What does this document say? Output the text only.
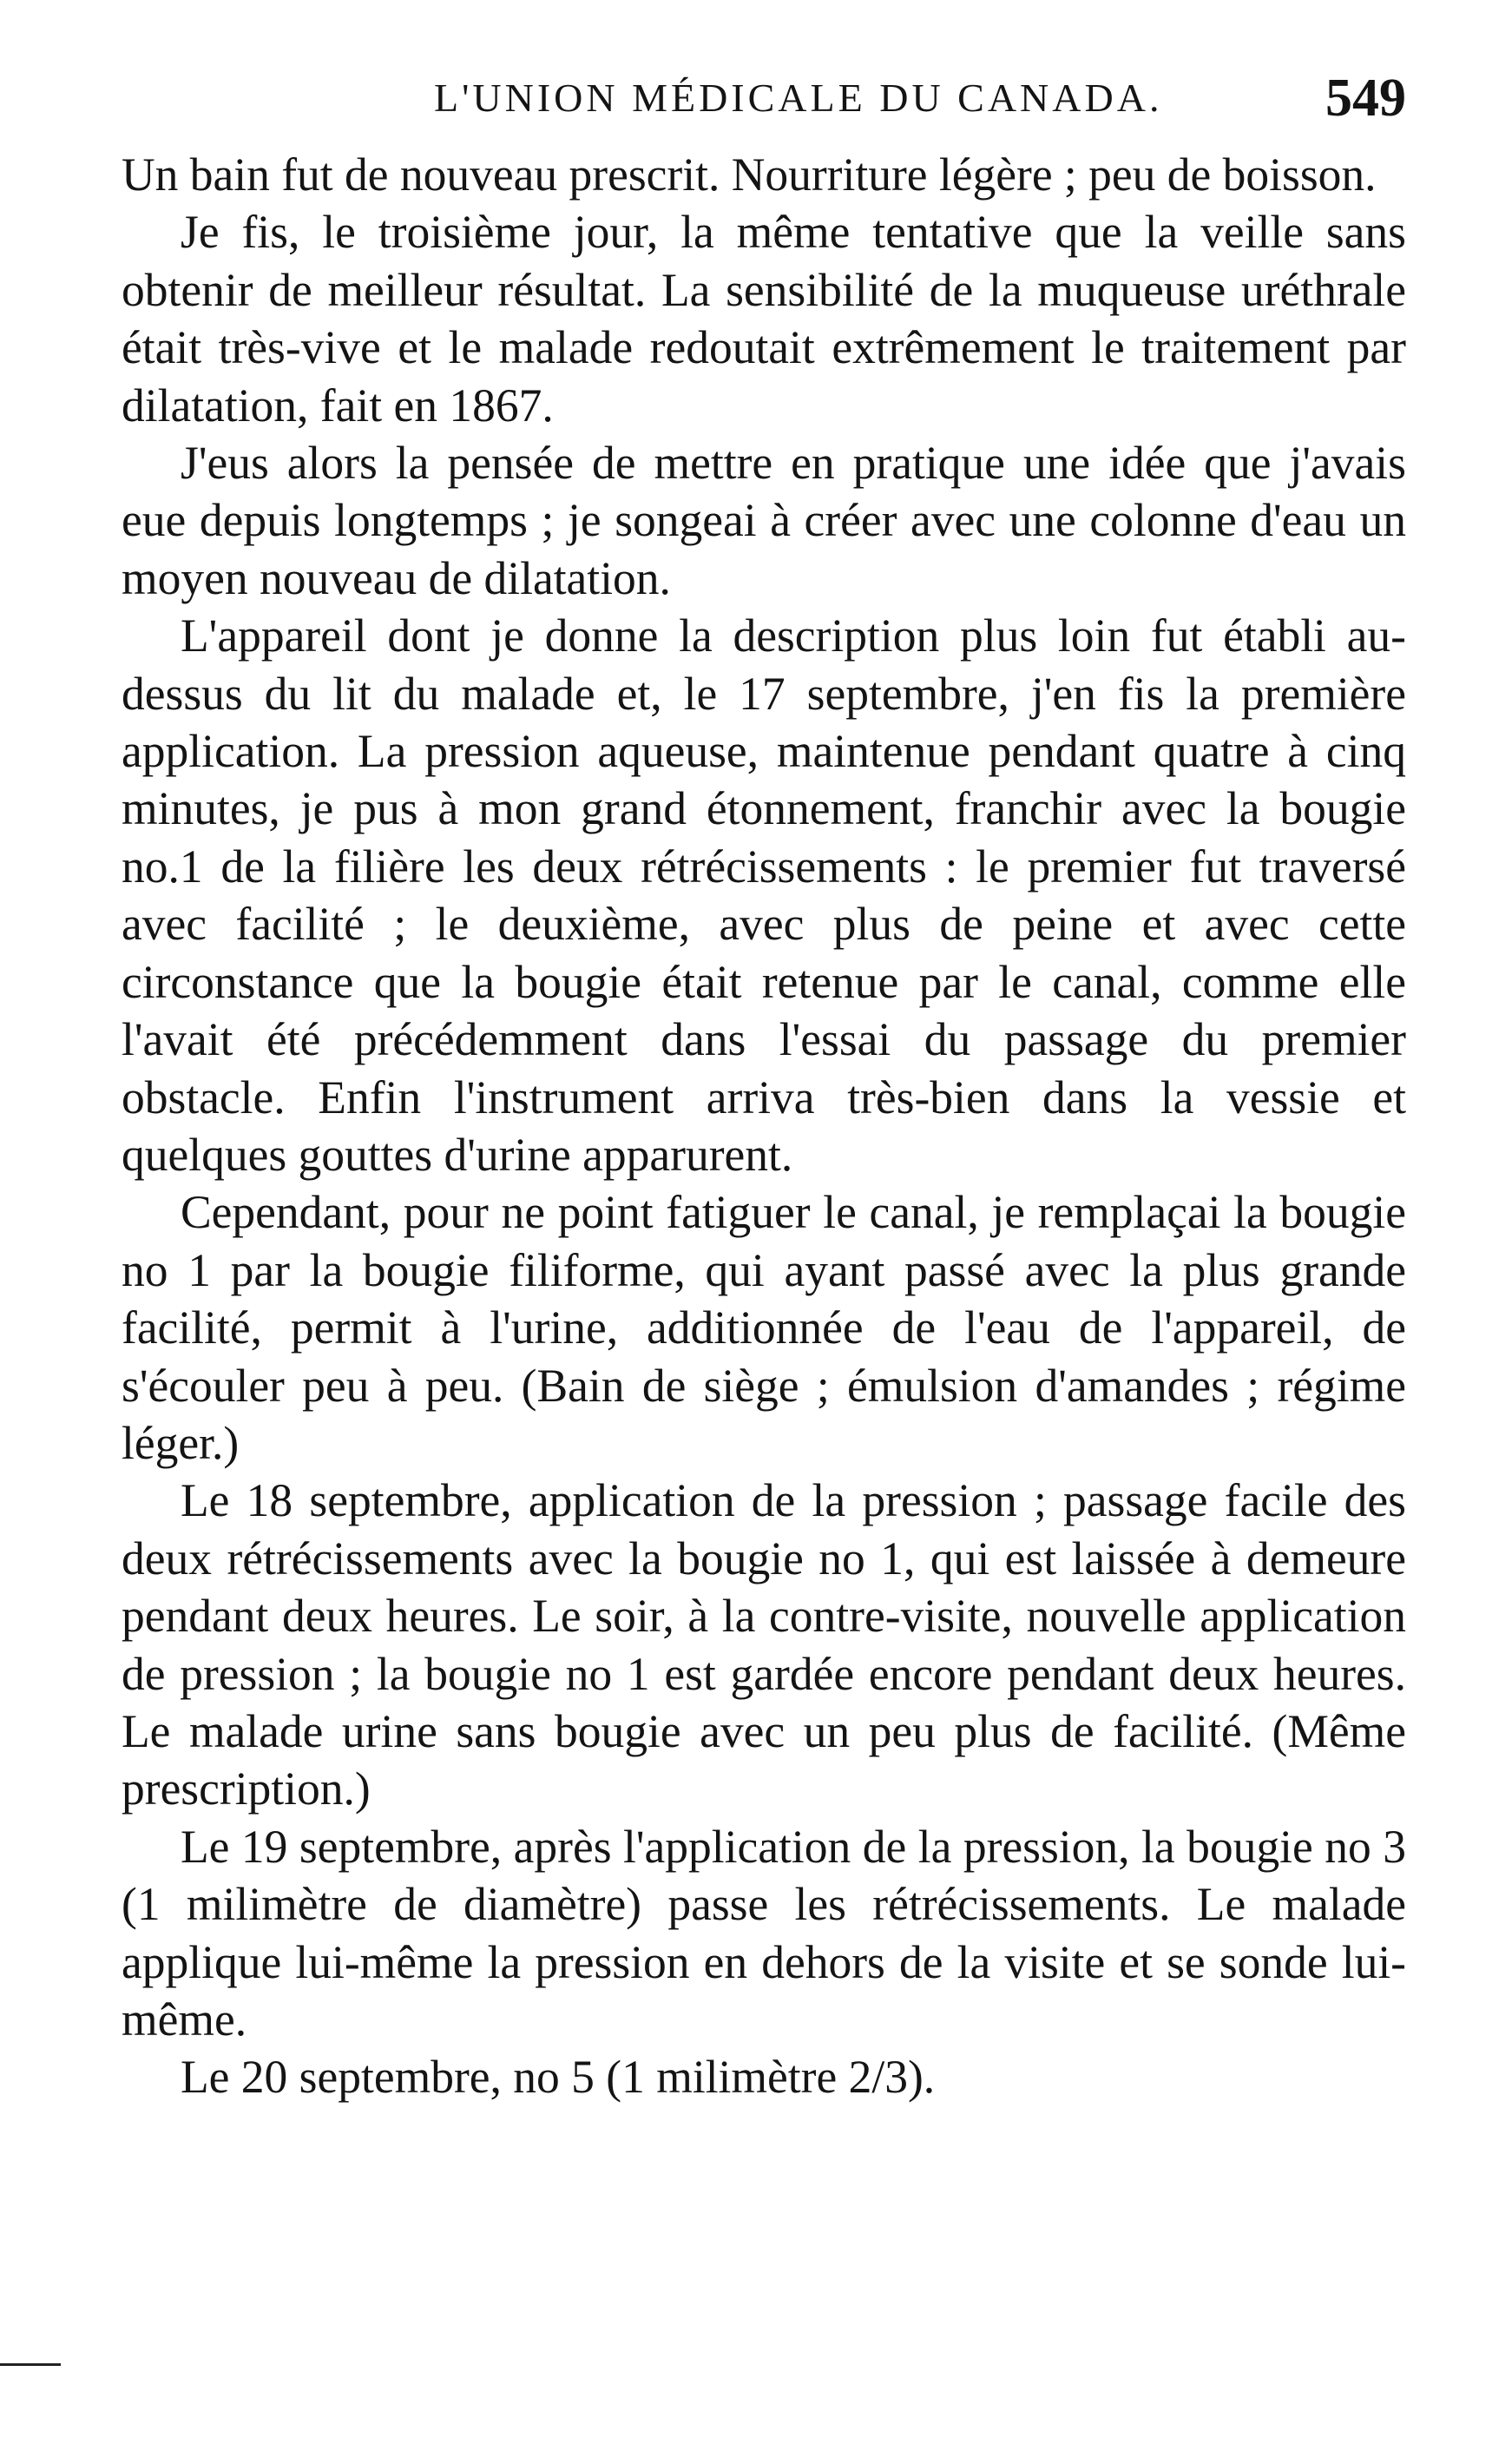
L'UNION MÉDICALE DU CANADA.	549

Un bain fut de nouveau prescrit. Nourriture légère ; peu de boisson.

Je fis, le troisième jour, la même tentative que la veille sans obtenir de meilleur résultat. La sensibilité de la muqueuse uréthrale était très-vive et le malade redoutait extrêmement le traitement par dilatation, fait en 1867.

J'eus alors la pensée de mettre en pratique une idée que j'avais eue depuis longtemps ; je songeai à créer avec une colonne d'eau un moyen nouveau de dilatation.

L'appareil dont je donne la description plus loin fut établi au-dessus du lit du malade et, le 17 septembre, j'en fis la première application. La pression aqueuse, maintenue pendant quatre à cinq minutes, je pus à mon grand étonnement, franchir avec la bougie no.1 de la filière les deux rétrécissements : le premier fut traversé avec facilité ; le deuxième, avec plus de peine et avec cette circonstance que la bougie était retenue par le canal, comme elle l'avait été précédemment dans l'essai du passage du premier obstacle. Enfin l'instrument arriva très-bien dans la vessie et quelques gouttes d'urine apparurent.

Cependant, pour ne point fatiguer le canal, je remplaçai la bougie no 1 par la bougie filiforme, qui ayant passé avec la plus grande facilité, permit à l'urine, additionnée de l'eau de l'appareil, de s'écouler peu à peu. (Bain de siège ; émulsion d'amandes ; régime léger.)

Le 18 septembre, application de la pression ; passage facile des deux rétrécissements avec la bougie no 1, qui est laissée à demeure pendant deux heures. Le soir, à la contre-visite, nouvelle application de pression ; la bougie no 1 est gardée encore pendant deux heures. Le malade urine sans bougie avec un peu plus de facilité. (Même prescription.)

Le 19 septembre, après l'application de la pression, la bougie no 3 (1 milimètre de diamètre) passe les rétrécissements. Le malade applique lui-même la pression en dehors de la visite et se sonde lui-même.

Le 20 septembre, no 5 (1 milimètre 2/3).
